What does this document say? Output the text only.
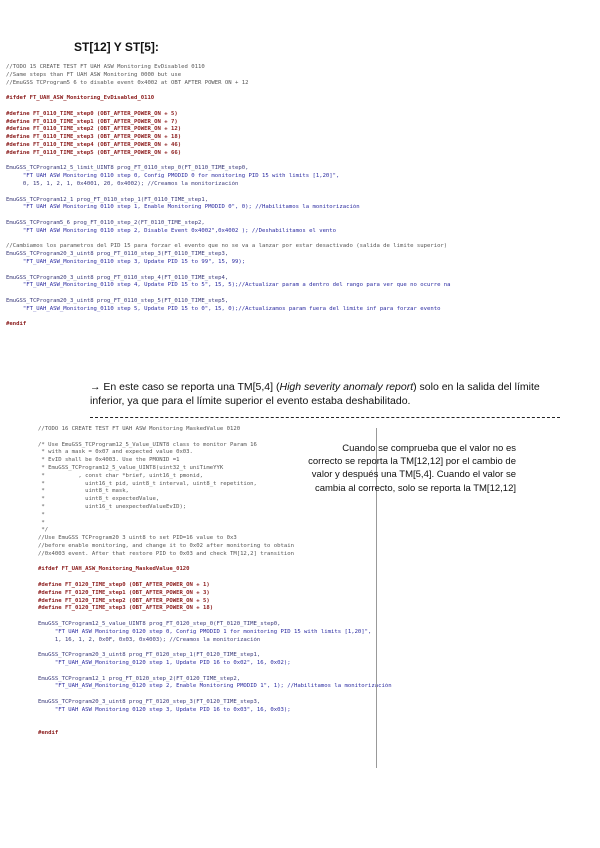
ST[12] Y ST[5]:
//TODO 15 CREATE TEST FT UAH ASW Monitoring EvDisabled 0110
//Same steps than FT UAH ASW Monitoring 0000 but use
//EmuGSS TCProgram5 6 to disable event 0x4002 at OBT AFTER POWER ON + 12
#ifdef FT_UAH_ASW_Monitoring_EvDisabled_0110
#define FT_0110_TIME_step0 (OBT_AFTER_POWER_ON + 5)
#define FT_0110_TIME_step1 (OBT_AFTER_POWER_ON + 7)
#define FT_0110_TIME_step2 (OBT_AFTER_POWER_ON + 12)
#define FT_0110_TIME_step3 (OBT_AFTER_POWER_ON + 18)
#define FT_0110_TIME_step4 (OBT_AFTER_POWER_ON + 46)
#define FT_0110_TIME_step5 (OBT_AFTER_POWER_ON + 66)
EmuGSS_TCProgram12_5_limit_UINT8 prog_FT_0110_step_0(FT_0110_TIME_step0,
"FT UAH ASW Monitoring 0110 step 0, Config PMODID 0 for monitoring PID 15 with limits [1,20]",
0, 15, 1, 2, 1, 0x4001, 20, 0x4002); //Creamos la monitorización
EmuGSS_TCProgram12_1 prog_FT_0110_step_1(FT_0110_TIME_step1,
"FT UAH ASW Monitoring 0110 step 1, Enable Monitoring PMODID 0", 0); //Habilitamos la monitorización
EmuGSS_TCProgram5_6 prog_FT_0110_step_2(FT_0110_TIME_step2,
"FT UAH ASW Monitoring 0110 step 2, Disable Event 0x4002",0x4002 ); //Deshabilitamos el vento
//Cambiamos los parametros del PID 15 para forzar el evento que no se va a lanzar por estar desactivado (salida de limite superior)
EmuGSS_TCProgram20_3_uint8 prog_FT_0110_step_3(FT_0110_TIME_step3,
"FT_UAH_ASW_Monitoring_0110 step 3, Update PID 15 to 99", 15, 99);
EmuGSS_TCProgram20_3_uint8 prog_FT_0110_step_4(FT_0110_TIME_step4,
"FT_UAH_ASW_Monitoring_0110 step 4, Update PID 15 to 5", 15, 5);//Actualizar param a dentro del rango para ver que no ocurre na
EmuGSS_TCProgram20_3_uint8 prog_FT_0110_step_5(FT_0110_TIME_step5,
"FT_UAH_ASW_Monitoring_0110 step 5, Update PID 15 to 0", 15, 0);//Actualizamos param fuera del limite inf para forzar evento
#endif
→ En este caso se reporta una TM[5,4] (High severity anomaly report) solo en la salida del límite inferior, ya que para el límite superior el evento estaba deshabilitado.
//TODO 16 CREATE TEST FT UAH ASW Monitoring MaskedValue 0120
/* Use EmuGSS_TCProgram12_5_Value_UINT8 class to monitor Param 16
* with a mask = 0x07 and expected value 0x03.
* EvID shall be 0x4003. Use the PMONID =1
* EmuGSS_TCProgram12_5_value_UINT8(uint32_t uniTimeYYK
*          , const char *brief, uint16_t pmonid,
*            uint16_t pid, uint8_t interval, uint8_t repetition,
*            uint8_t mask,
*            uint8_t expectedValue,
*            uint16_t unexpectedValueEvID);
*
*
*/
//Use EmuGSS TCProgram20 3 uint8 to set PID=16 value to 0x3
//before enable monitoring, and change it to 0x02 after monitoring to obtain
//0x4003 event. After that restore PID to 0x03 and check TM[12,2] transition
#ifdef FT_UAH_ASW_Monitoring_MaskedValue_0120
#define FT_0120_TIME_step0 (OBT_AFTER_POWER_ON + 1)
#define FT_0120_TIME_step1 (OBT_AFTER_POWER_ON + 3)
#define FT_0120_TIME_step2 (OBT_AFTER_POWER_ON + 5)
#define FT_0120_TIME_step3 (OBT_AFTER_POWER_ON + 18)
EmuGSS_TCProgram12_5_value_UINT8 prog_FT_0120_step_0(FT_0120_TIME_step0,
"FT UAH ASW Monitoring 0120 step 0, Config PMODID 1 for monitoring PID 15 with limits [1,20]",
1, 16, 1, 2, 0x0F, 0x03, 0x4003); //Creamos la monitorización
EmuGSS_TCProgram20_3_uint8 prog_FT_0120_step_1(FT_0120_TIME_step1,
"FT_UAH_ASW_Monitoring_0120 step 1, Update PID 16 to 0x02", 16, 0x02);
EmuGSS_TCProgram12_1 prog_FT_0120_step_2(FT_0120_TIME_step2,
"FT_UAH_ASW_Monitoring_0120 step 2, Enable Monitoring PMODID 1", 1); //Habilitamos la monitorización
EmuGSS_TCProgram20_3_uint8 prog_FT_0120_step_3(FT_0120_TIME_step3,
"FT UAH ASW Monitoring 0120 step 3, Update PID 16 to 0x03", 16, 0x03);
#endif
Cuando se comprueba que el valor no es correcto se reporta la TM[12,12] por el cambio de valor y después una TM[5,4]. Cuando el valor se cambia al correcto, solo se reporta la TM[12,12]
